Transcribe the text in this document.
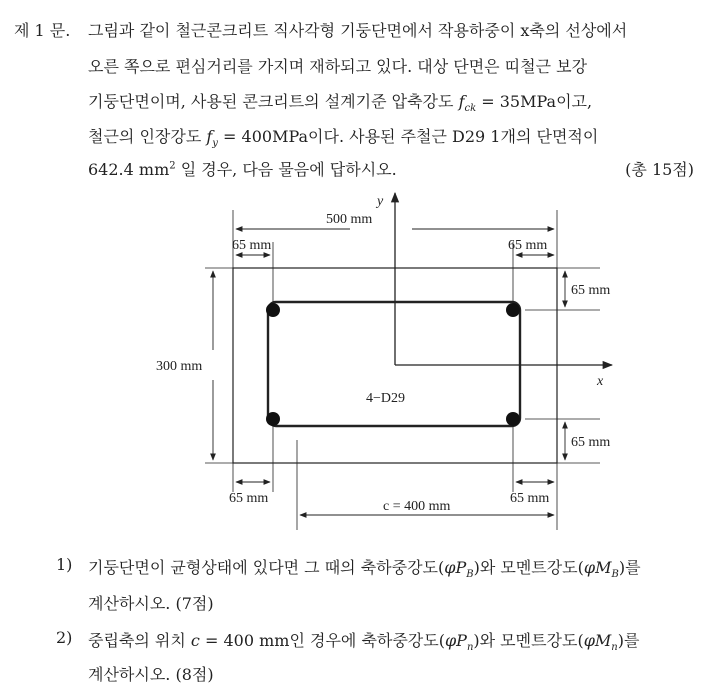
제 1 문. 그림과 같이 철근콘크리트 직사각형 기둥단면에서 작용하중이 x축의 선상에서
오른 쪽으로 편심거리를 가지며 재하되고 있다. 대상 단면은 띠철근 보강
기둥단면이며, 사용된 콘크리트의 설계기준 압축강도 $f_{ck} = 35MPa$이고,
철근의 인장강도 $f_y = 400MPa$이다. 사용된 주철근 D29 1개의 단면적이
642.4 $mm^2$ 일 경우, 다음 물음에 답하시오.	(총 15점)
y
x
500 mm
65 mm	65 mm
300 mm
65 mm
65 mm
4−D29
65 mm	65 mm
c = 400 mm
1) 기둥단면이 균형상태에 있다면 그 때의 축하중강도$(\varphi P_B)$와 모멘트강도$(\varphi M_B)$를
계산하시오. (7점)
2) 중립축의 위치 c = 400 mm인 경우에 축하중강도$(\varphi P_n)$와 모멘트강도$(\varphi M_n)$를
계산하시오. (8점)
